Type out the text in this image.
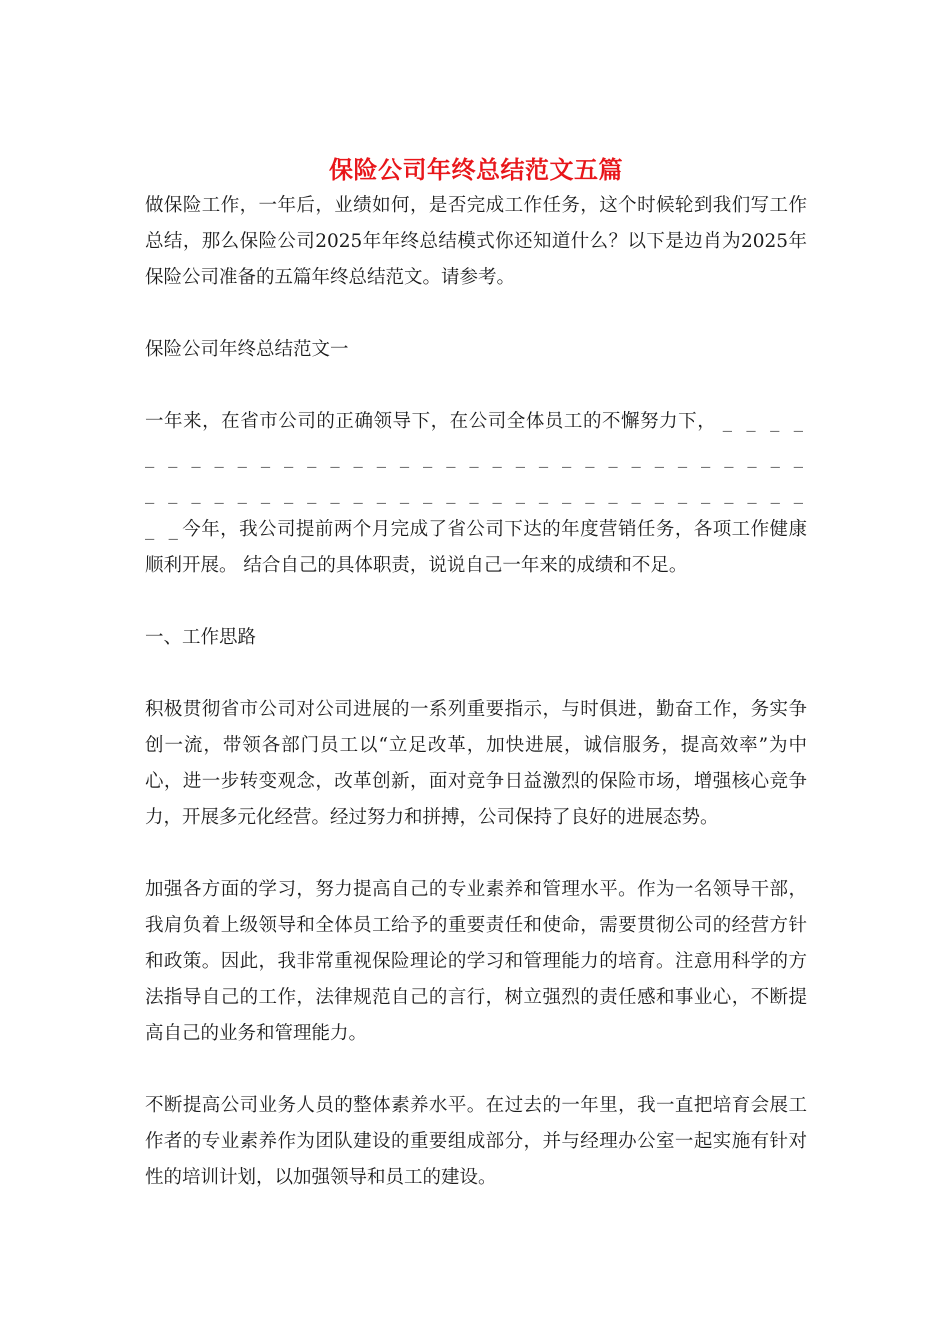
保险公司年终总结范文五篇

做保险工作，一年后，业绩如何，是否完成工作任务，这个时候轮到我们写工作总结，那么保险公司2025年年终总结模式你还知道什么？以下是边肖为2025年保险公司准备的五篇年终总结范文。请参考。

保险公司年终总结范文一

一年来，在省市公司的正确领导下，在公司全体员工的不懈努力下， _ _ _ _ _ _ _ _ _ _ _ _ _ _ _ _ _ _ _ _ _ _ _ _ _ _ _ _ _ _ _ _ _ _ _ _ _ _ _ _ _ _ _ _ _ _ _ _ _ _ _ _ _ _ _ _ _ _ _ _ _ _ _ _今年，我公司提前两个月完成了省公司下达的年度营销任务，各项工作健康顺利开展。 结合自己的具体职责，说说自己一年来的成绩和不足。

一、工作思路

积极贯彻省市公司对公司进展的一系列重要指示，与时俱进，勤奋工作，务实争创一流，带领各部门员工以“立足改革，加快进展，诚信服务，提高效率”为中心，进一步转变观念，改革创新，面对竞争日益激烈的保险市场，增强核心竞争力，开展多元化经营。经过努力和拼搏，公司保持了良好的进展态势。

加强各方面的学习，努力提高自己的专业素养和管理水平。作为一名领导干部，我肩负着上级领导和全体员工给予的重要责任和使命，需要贯彻公司的经营方针和政策。因此，我非常重视保险理论的学习和管理能力的培育。注意用科学的方法指导自己的工作，法律规范自己的言行，树立强烈的责任感和事业心，不断提高自己的业务和管理能力。

不断提高公司业务人员的整体素养水平。在过去的一年里，我一直把培育会展工作者的专业素养作为团队建设的重要组成部分，并与经理办公室一起实施有针对性的培训计划，以加强领导和员工的建设。
